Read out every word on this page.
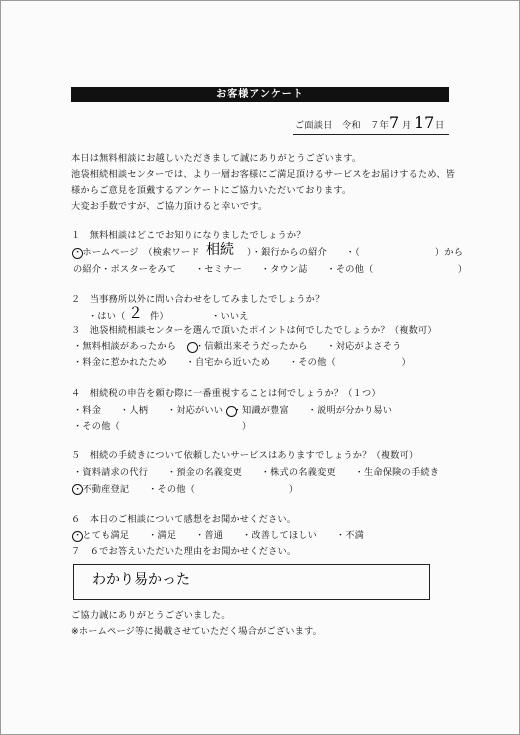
お客様アンケート
ご面談日　令和　７年 7 月 17 日
本日は無料相談にお越しいただきまして誠にありがとうございます。
池袋相続相談センターでは、より一層お客様にご満足頂けるサービスをお届けするため、皆
様からご意見を頂戴するアンケートにご協力いただいております。
大変お手数ですが、ご協力頂けると幸いです。
１　無料相談はどこでお知りになりましたでしょうか？
・ホームページ　（検索ワード 相続 ）・銀行からの紹介　　・（　　　　　　　　）から
の紹介・ポスターをみて　　・セミナー　　・タウン誌　　・その他（　　　　　　　　　）
２　当事務所以外に問い合わせをしてみましたでしょうか？
・はい（ ２ 件）　　　　　・いいえ
３　池袋相続相談センターを選んで頂いたポイントは何でしたでしょうか？（複数可）
・無料相談があったから　　・信頼出来そうだったから　　・対応がよさそう
・料金に惹かれたため　　・自宅から近いため　　・その他（　　　　　　　）
４　相続税の申告を頼む際に一番重視することは何でしょうか？（１つ）
・料金　　・人柄　　・対応がいい　・知識が豊富　　・説明が分かり易い
・その他（　　　　　　　　　　　　　）
５　相続の手続きについて依頼したいサービスはありますでしょうか？（複数可）
・資料請求の代行　　・預金の名義変更　　・株式の名義変更　　・生命保険の手続き
・不動産登記　　・その他（　　　　　　　　　　）
６　本日のご相談について感想をお聞かせください。
・とても満足　　・満足　　・普通　　・改善してほしい　　・不満
７　６でお答えいただいた理由をお聞かせください。
わかり易かった
ご協力誠にありがとうございました。
※ホームページ等に掲載させていただく場合がございます。
